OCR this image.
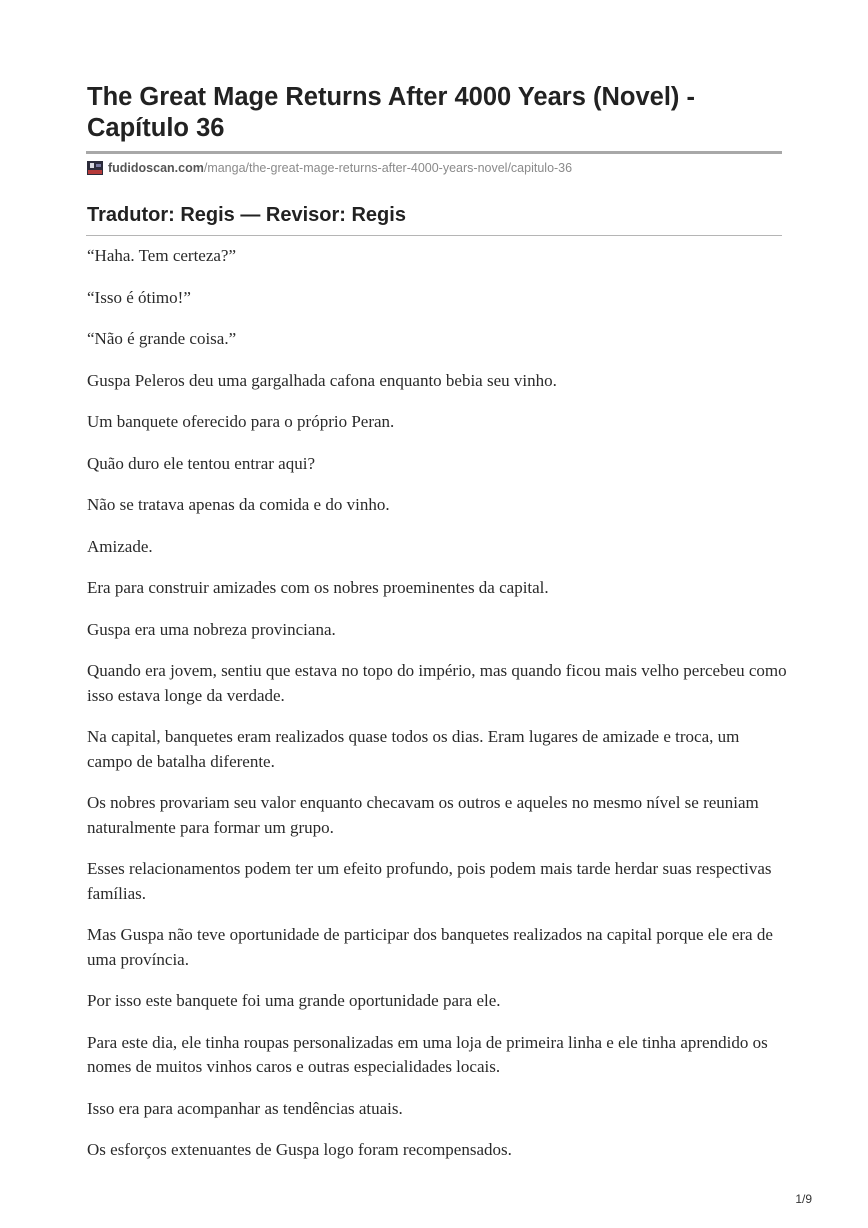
The Great Mage Returns After 4000 Years (Novel) - Capítulo 36
fudidoscan.com /manga/the-great-mage-returns-after-4000-years-novel/capitulo-36
Tradutor: Regis — Revisor: Regis

“Haha. Tem certeza?”

“Isso é ótimo!”

“Não é grande coisa.”

Guspa Peleros deu uma gargalhada cafona enquanto bebia seu vinho.

Um banquete oferecido para o próprio Peran.

Quão duro ele tentou entrar aqui?

Não se tratava apenas da comida e do vinho.

Amizade.

Era para construir amizades com os nobres proeminentes da capital.

Guspa era uma nobreza provinciana.

Quando era jovem, sentiu que estava no topo do império, mas quando ficou mais velho percebeu como isso estava longe da verdade.

Na capital, banquetes eram realizados quase todos os dias. Eram lugares de amizade e troca, um campo de batalha diferente.

Os nobres provariam seu valor enquanto checavam os outros e aqueles no mesmo nível se reuniam naturalmente para formar um grupo.

Esses relacionamentos podem ter um efeito profundo, pois podem mais tarde herdar suas respectivas famílias.

Mas Guspa não teve oportunidade de participar dos banquetes realizados na capital porque ele era de uma província.

Por isso este banquete foi uma grande oportunidade para ele.

Para este dia, ele tinha roupas personalizadas em uma loja de primeira linha e ele tinha aprendido os nomes de muitos vinhos caros e outras especialidades locais.

Isso era para acompanhar as tendências atuais.

Os esforços extenuantes de Guspa logo foram recompensados.

1/9
